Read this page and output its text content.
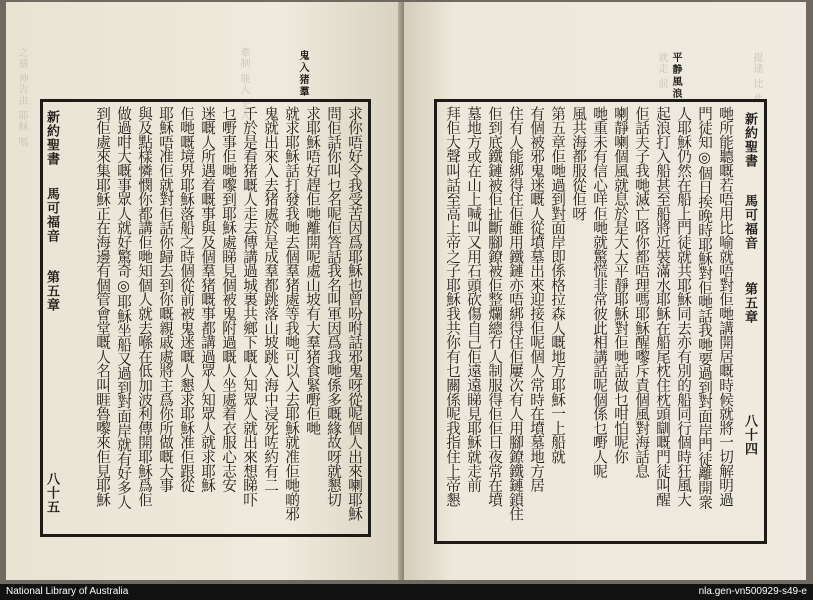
之禱 神告由 耶穌 嗎	牽制 能入 夫人	鬼入猪羣
新約聖書
馬可福音
第五章
八十五	求你唔好令我受苦因爲耶穌也曾吩咐話邪鬼呀從呢個人出來喇耶穌
問佢話你叫乜名呢佢答話我名叫軍因爲我哋係多嘅緣故呀就懇切
求耶穌唔好趕佢哋離開呢處山坡有大羣猪食緊嘢佢哋
就求耶穌話打發我哋去個羣猪處等我哋可以入去耶穌就准佢哋啲邪
鬼就出來入去猪處於是成羣都跳落山坡跳入海中浸死咗約有二
千於是看猪嘅人走去傳講過城裏共鄉下嘅人知眾人就出來想睇吓
乜嘢事佢哋嚟到耶穌處睇見個被鬼附過嘅人坐處着衣服心志安
迷嘅人所遇着嘅事與及個羣猪嘅事都講過眾人知眾人就求耶穌
佢哋嘅境界耶穌落船之時個從前被鬼迷嘅人懇求耶穌准佢跟從
耶穌唔准佢就對佢話你歸去到你嘅親戚處將主爲你所做嘅大事
與及點樣憐憫你都講佢哋知個人就去喺在低加波利傳開耶穌爲佢
做過咁大嘅事眾人就好驚奇◎耶穌坐船又過到對面岸就有好多人
到佢處來集耶穌正在海邊有個管會堂嘅人名叫睚魯嚟來佢見耶穌
捉逢 比 此
就走 前 平静風浪
新約聖書
馬可福音
第五章
八十四
哋所能聽嘅若唔用比喻就唔對佢哋講開居嘅時候就將一切解明過
門徒知◎個日挨晚時耶穌對佢哋話我哋要過到對面岸門徒離開衆
人耶穌仍然在船上門徒就共耶穌同去亦有別的船同行個時狂風大
起浪打入船甚至船將近裝滿水耶穌在船尾枕住枕頭瞓嘅門徒叫醒
佢話夫子我哋滅亡咯你都唔理嗎耶穌醒嚟斥責個風對海話息
喇靜喇個風就息於是大大平靜耶穌對佢哋話做乜咁怕呢你
哋重未有信心咩佢哋就驚慌非常彼此相講話呢個係乜嘢人呢
風共海都服從佢呀
第五章佢哋過到對面岸即係格拉森人嘅地方耶穌一上船就
有個被邪鬼迷嘅人從墳墓出來迎接佢呢個人常時在墳墓地方居
住有人能綁得住佢雖用鐵鏈亦唔綁得住佢屢次有人用腳鐐鐵鏈鎖住
佢到底鐵鏈被佢扯斷腳鐐被佢整爛總冇人制服得佢佢日夜常在墳
墓地方或在山上喊叫又用石頭砍傷自己佢遠遠睇見耶穌就走前
拜佢大聲叫話至高上帝之子耶穌我共你有乜關係呢我指住上帝懇
National Library of Australia	nla.gen-vn500929-s49-e
